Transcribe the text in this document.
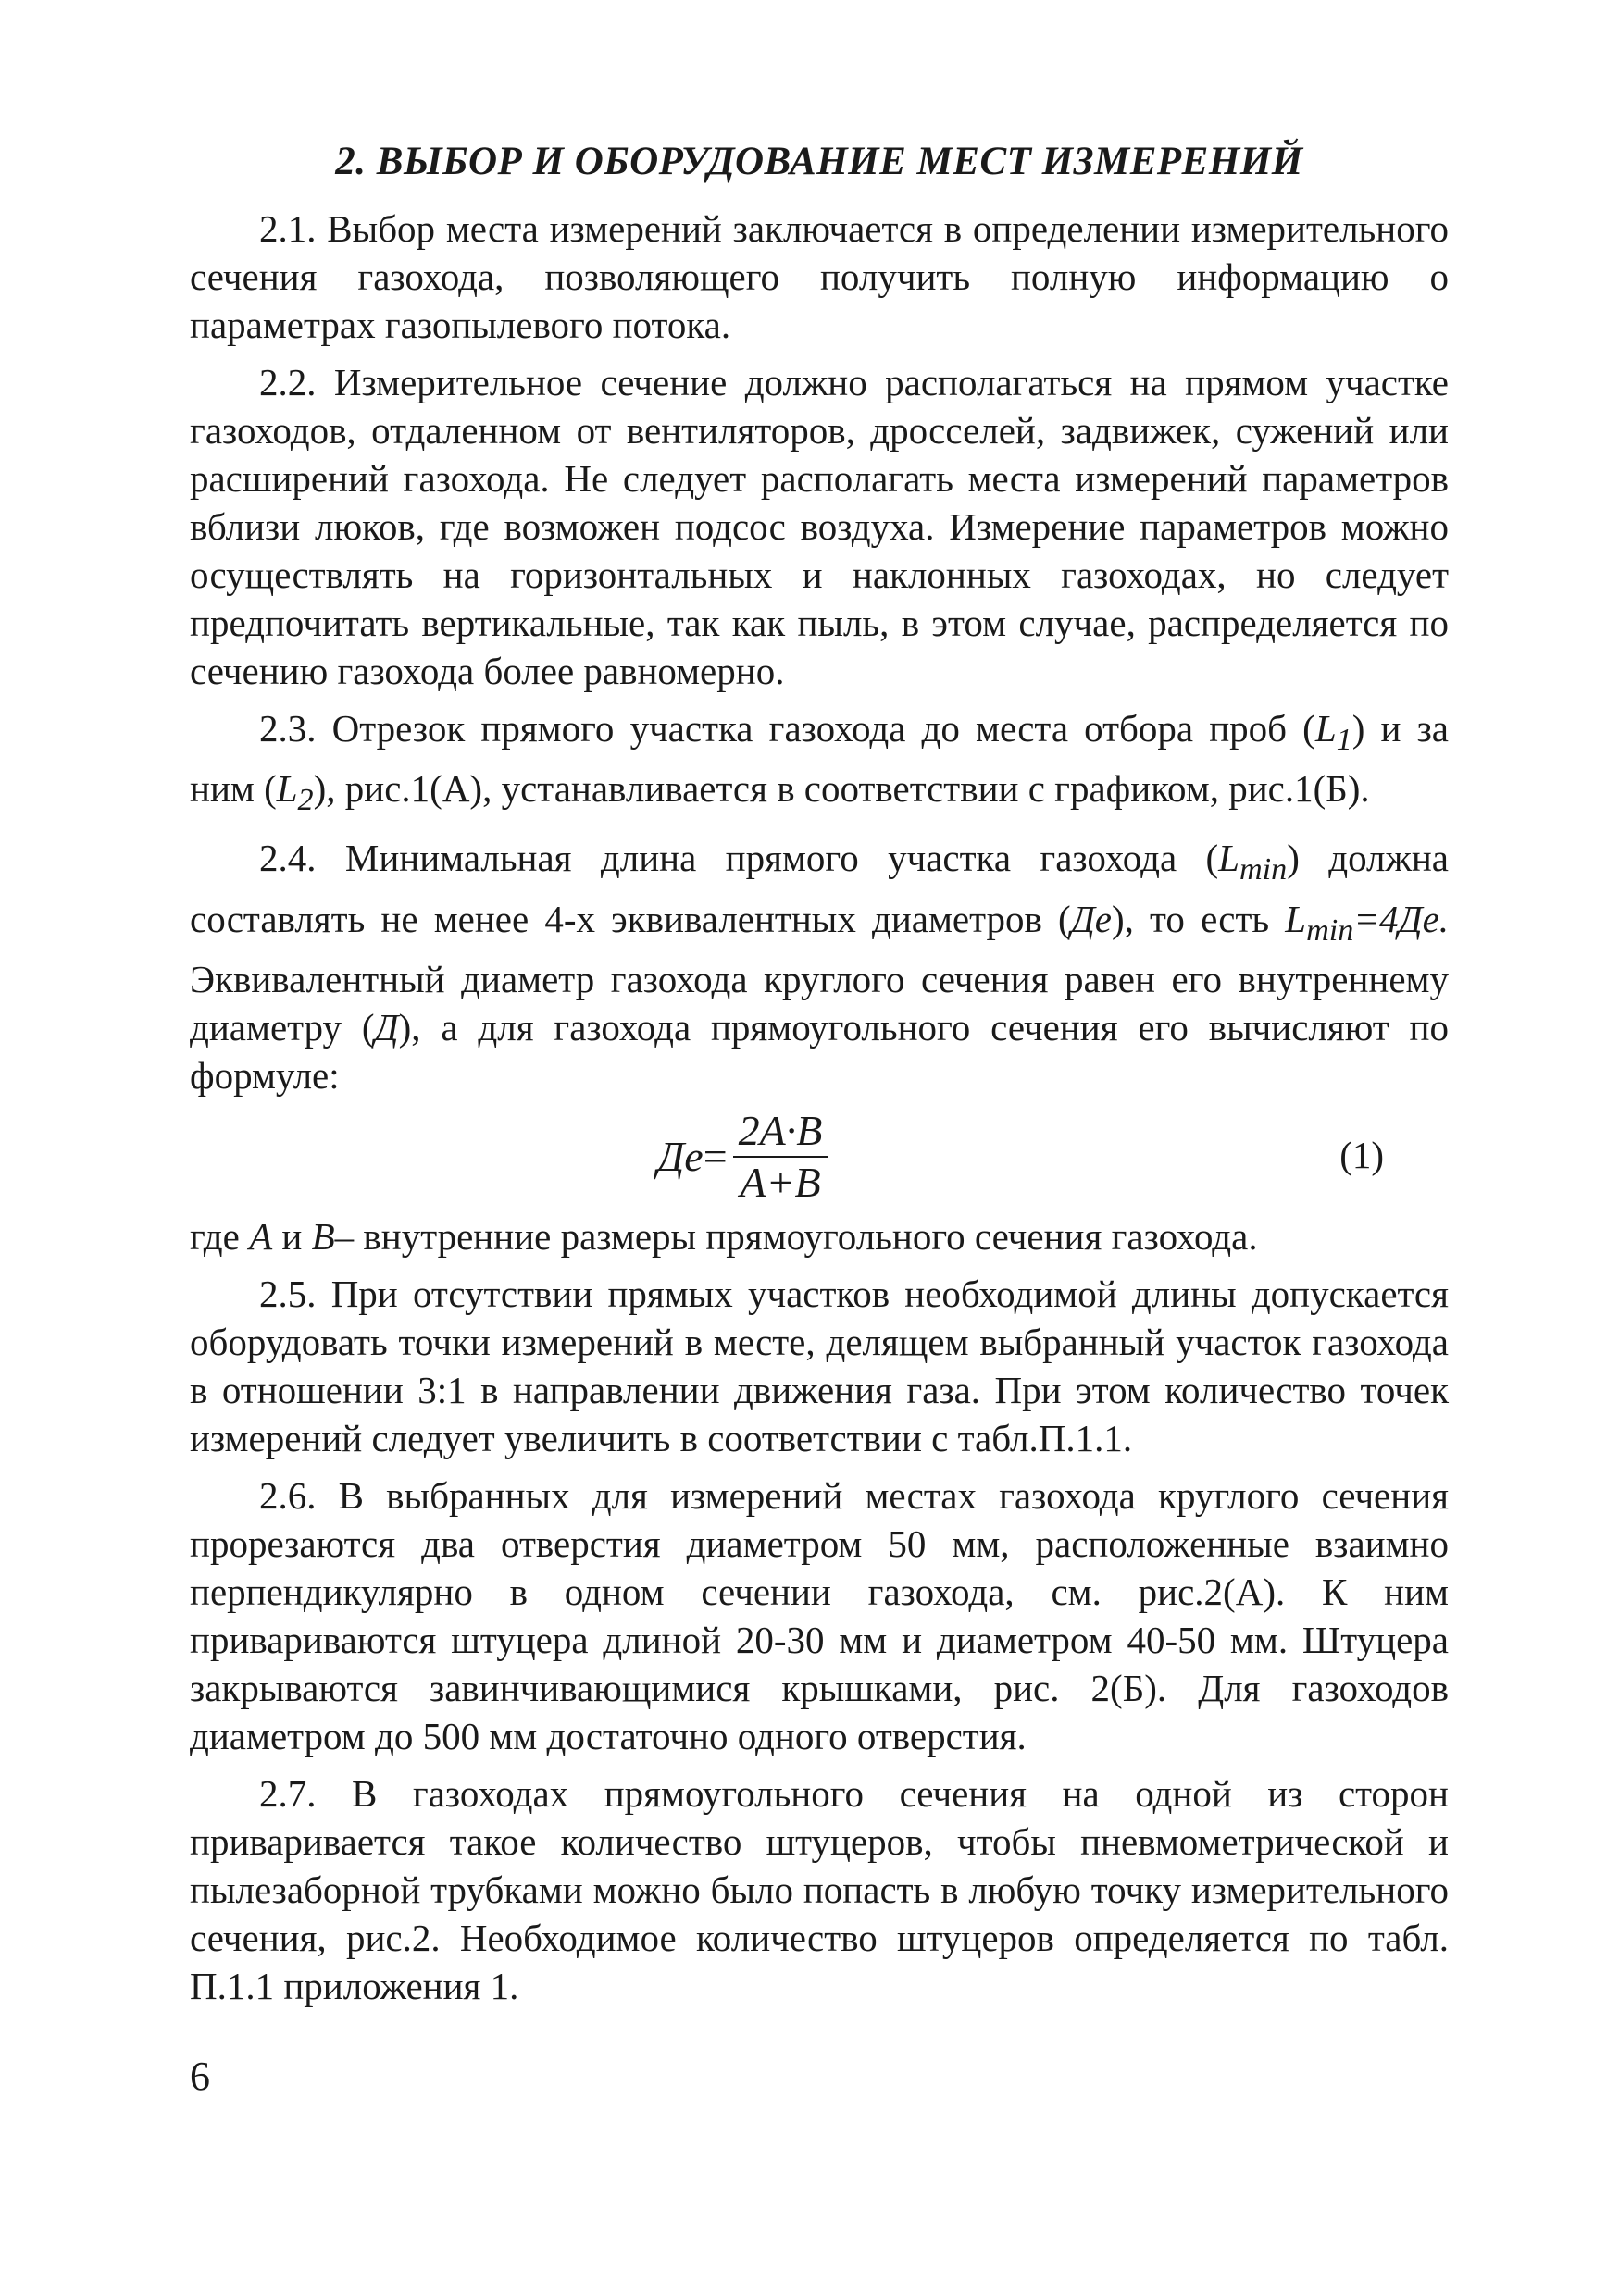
2. ВЫБОР И ОБОРУДОВАНИЕ МЕСТ ИЗМЕРЕНИЙ

2.1. Выбор места измерений заключается в определении измерительного сечения газохода, позволяющего получить полную информацию о параметрах газопылевого потока.

2.2. Измерительное сечение должно располагаться на прямом участке газоходов, отдаленном от вентиляторов, дросселей, задвижек, сужений или расширений газохода. Не следует располагать места измерений параметров вблизи люков, где возможен подсос воздуха. Измерение параметров можно осуществлять на горизонтальных и наклонных газоходах, но следует предпочитать вертикальные, так как пыль, в этом случае, распределяется по сечению газохода более равномерно.

2.3. Отрезок прямого участка газохода до места отбора проб $(L_1)$ и за ним $(L_2)$, рис.1(А), устанавливается в соответствии с графиком, рис.1(Б).

2.4. Минимальная длина прямого участка газохода $(L_{min})$ должна составлять не менее 4-х эквивалентных диаметров (Де), то есть $L_{min}=4Де$. Эквивалентный диаметр газохода круглого сечения равен его внутреннему диаметру (Д), а для газохода прямоугольного сечения его вычисляют по формуле:

Де = $\frac{2A\cdot B}{A+B}$	(1)

где А и В– внутренние размеры прямоугольного сечения газохода.

2.5. При отсутствии прямых участков необходимой длины допускается оборудовать точки измерений в месте, делящем выбранный участок газохода в отношении 3:1 в направлении движения газа. При этом количество точек измерений следует увеличить в соответствии с табл.П.1.1.

2.6. В выбранных для измерений местах газохода круглого сечения прорезаются два отверстия диаметром 50 мм, расположенные взаимно перпендикулярно в одном сечении газохода, см. рис.2(А). К ним привариваются штуцера длиной 20-30 мм и диаметром 40-50 мм. Штуцера закрываются завинчивающимися крышками, рис. 2(Б). Для газоходов диаметром до 500 мм достаточно одного отверстия.

2.7. В газоходах прямоугольного сечения на одной из сторон приваривается такое количество штуцеров, чтобы пневмометрической и пылезаборной трубками можно было попасть в любую точку измерительного сечения, рис.2. Необходимое количество штуцеров определяется по табл. П.1.1 приложения 1.

6
